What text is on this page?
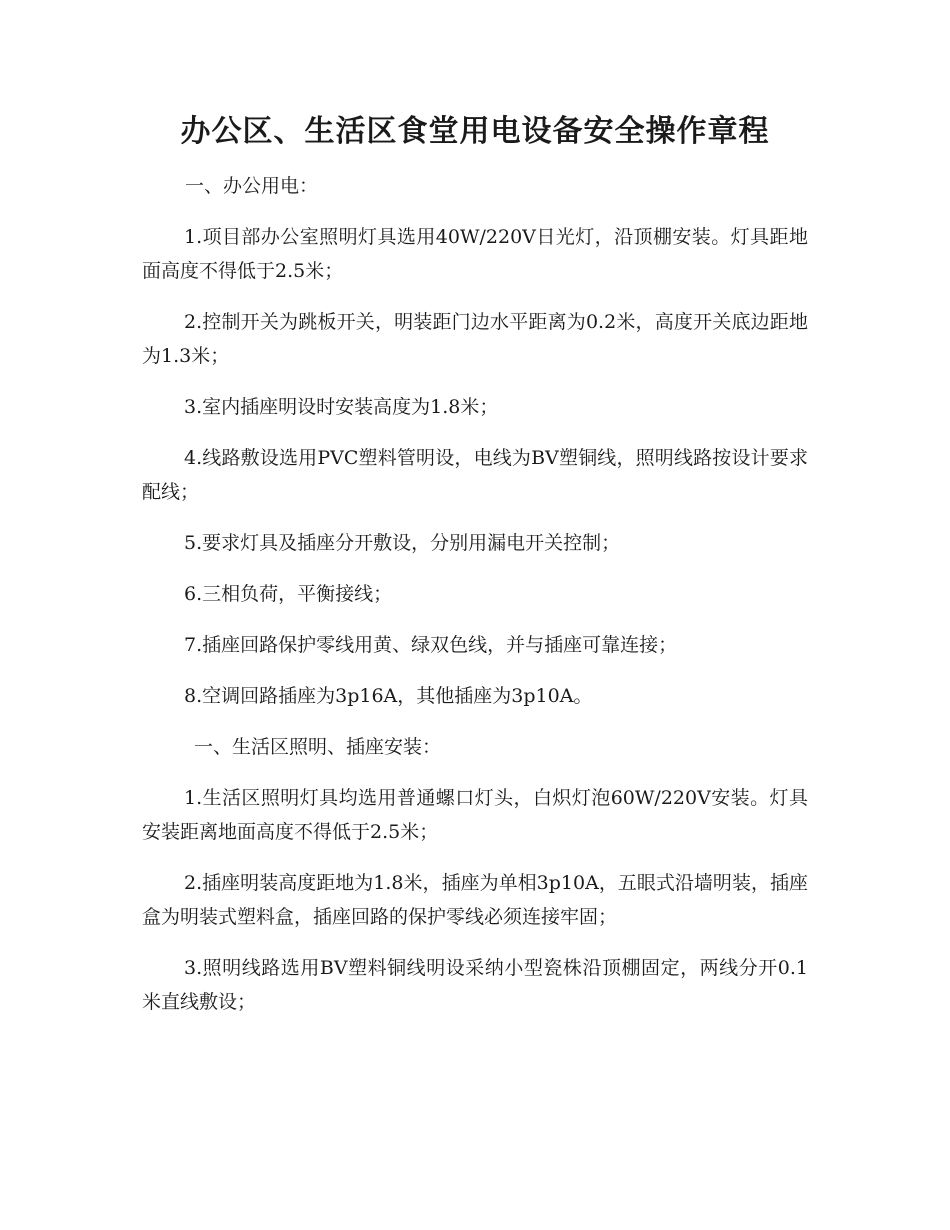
办公区、生活区食堂用电设备安全操作章程

一、办公用电：

1.项目部办公室照明灯具选用40W/220V日光灯，沿顶棚安装。灯具距地面高度不得低于2.5米；

2.控制开关为跳板开关，明装距门边水平距离为0.2米，高度开关底边距地为1.3米；

3.室内插座明设时安装高度为1.8米；

4.线路敷设选用PVC塑料管明设，电线为BV塑铜线，照明线路按设计要求配线；

5.要求灯具及插座分开敷设，分别用漏电开关控制；

6.三相负荷，平衡接线；

7.插座回路保护零线用黄、绿双色线，并与插座可靠连接；

8.空调回路插座为3p16A，其他插座为3p10A。

一、生活区照明、插座安装：

1.生活区照明灯具均选用普通螺口灯头，白炽灯泡60W/220V安装。灯具安装距离地面高度不得低于2.5米；

2.插座明装高度距地为1.8米，插座为单相3p10A，五眼式沿墙明装，插座盒为明装式塑料盒，插座回路的保护零线必须连接牢固；

3.照明线路选用BV塑料铜线明设采纳小型瓷株沿顶棚固定，两线分开0.1米直线敷设；
